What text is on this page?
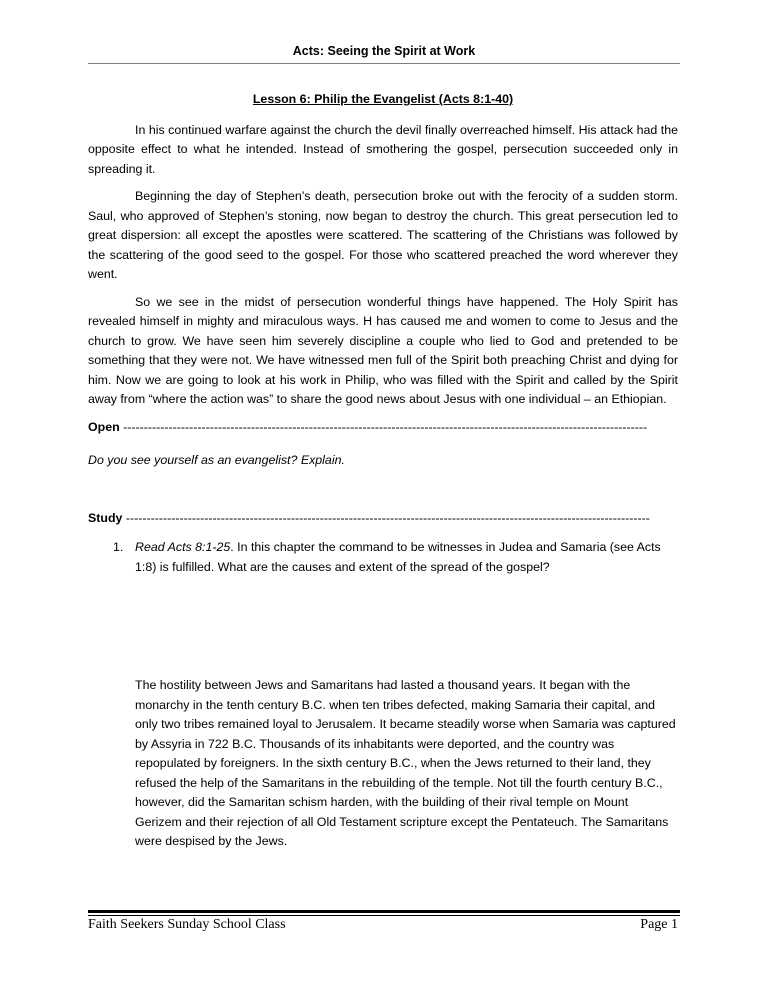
Acts: Seeing the Spirit at Work
Lesson 6: Philip the Evangelist (Acts 8:1-40)

In his continued warfare against the church the devil finally overreached himself. His attack had the opposite effect to what he intended. Instead of smothering the gospel, persecution succeeded only in spreading it.

Beginning the day of Stephen’s death, persecution broke out with the ferocity of a sudden storm. Saul, who approved of Stephen’s stoning, now began to destroy the church. This great persecution led to great dispersion: all except the apostles were scattered. The scattering of the Christians was followed by the scattering of the good seed to the gospel. For those who scattered preached the word wherever they went.

So we see in the midst of persecution wonderful things have happened. The Holy Spirit has revealed himself in mighty and miraculous ways. H has caused me and women to come to Jesus and the church to grow. We have seen him severely discipline a couple who lied to God and pretended to be something that they were not. We have witnessed men full of the Spirit both preaching Christ and dying for him. Now we are going to look at his work in Philip, who was filled with the Spirit and called by the Spirit away from “where the action was” to share the good news about Jesus with one individual – an Ethiopian.

Open -------------------------------------------------------------------------------------------------------------------------------
Do you see yourself as an evangelist? Explain.
Study -------------------------------------------------------------------------------------------------------------------------------
1. Read Acts 8:1-25. In this chapter the command to be witnesses in Judea and Samaria (see Acts 1:8) is fulfilled. What are the causes and extent of the spread of the gospel?
The hostility between Jews and Samaritans had lasted a thousand years. It began with the monarchy in the tenth century B.C. when ten tribes defected, making Samaria their capital, and only two tribes remained loyal to Jerusalem. It became steadily worse when Samaria was captured by Assyria in 722 B.C. Thousands of its inhabitants were deported, and the country was repopulated by foreigners. In the sixth century B.C., when the Jews returned to their land, they refused the help of the Samaritans in the rebuilding of the temple. Not till the fourth century B.C., however, did the Samaritan schism harden, with the building of their rival temple on Mount Gerizem and their rejection of all Old Testament scripture except the Pentateuch. The Samaritans were despised by the Jews.
Faith Seekers Sunday School Class	Page 1
